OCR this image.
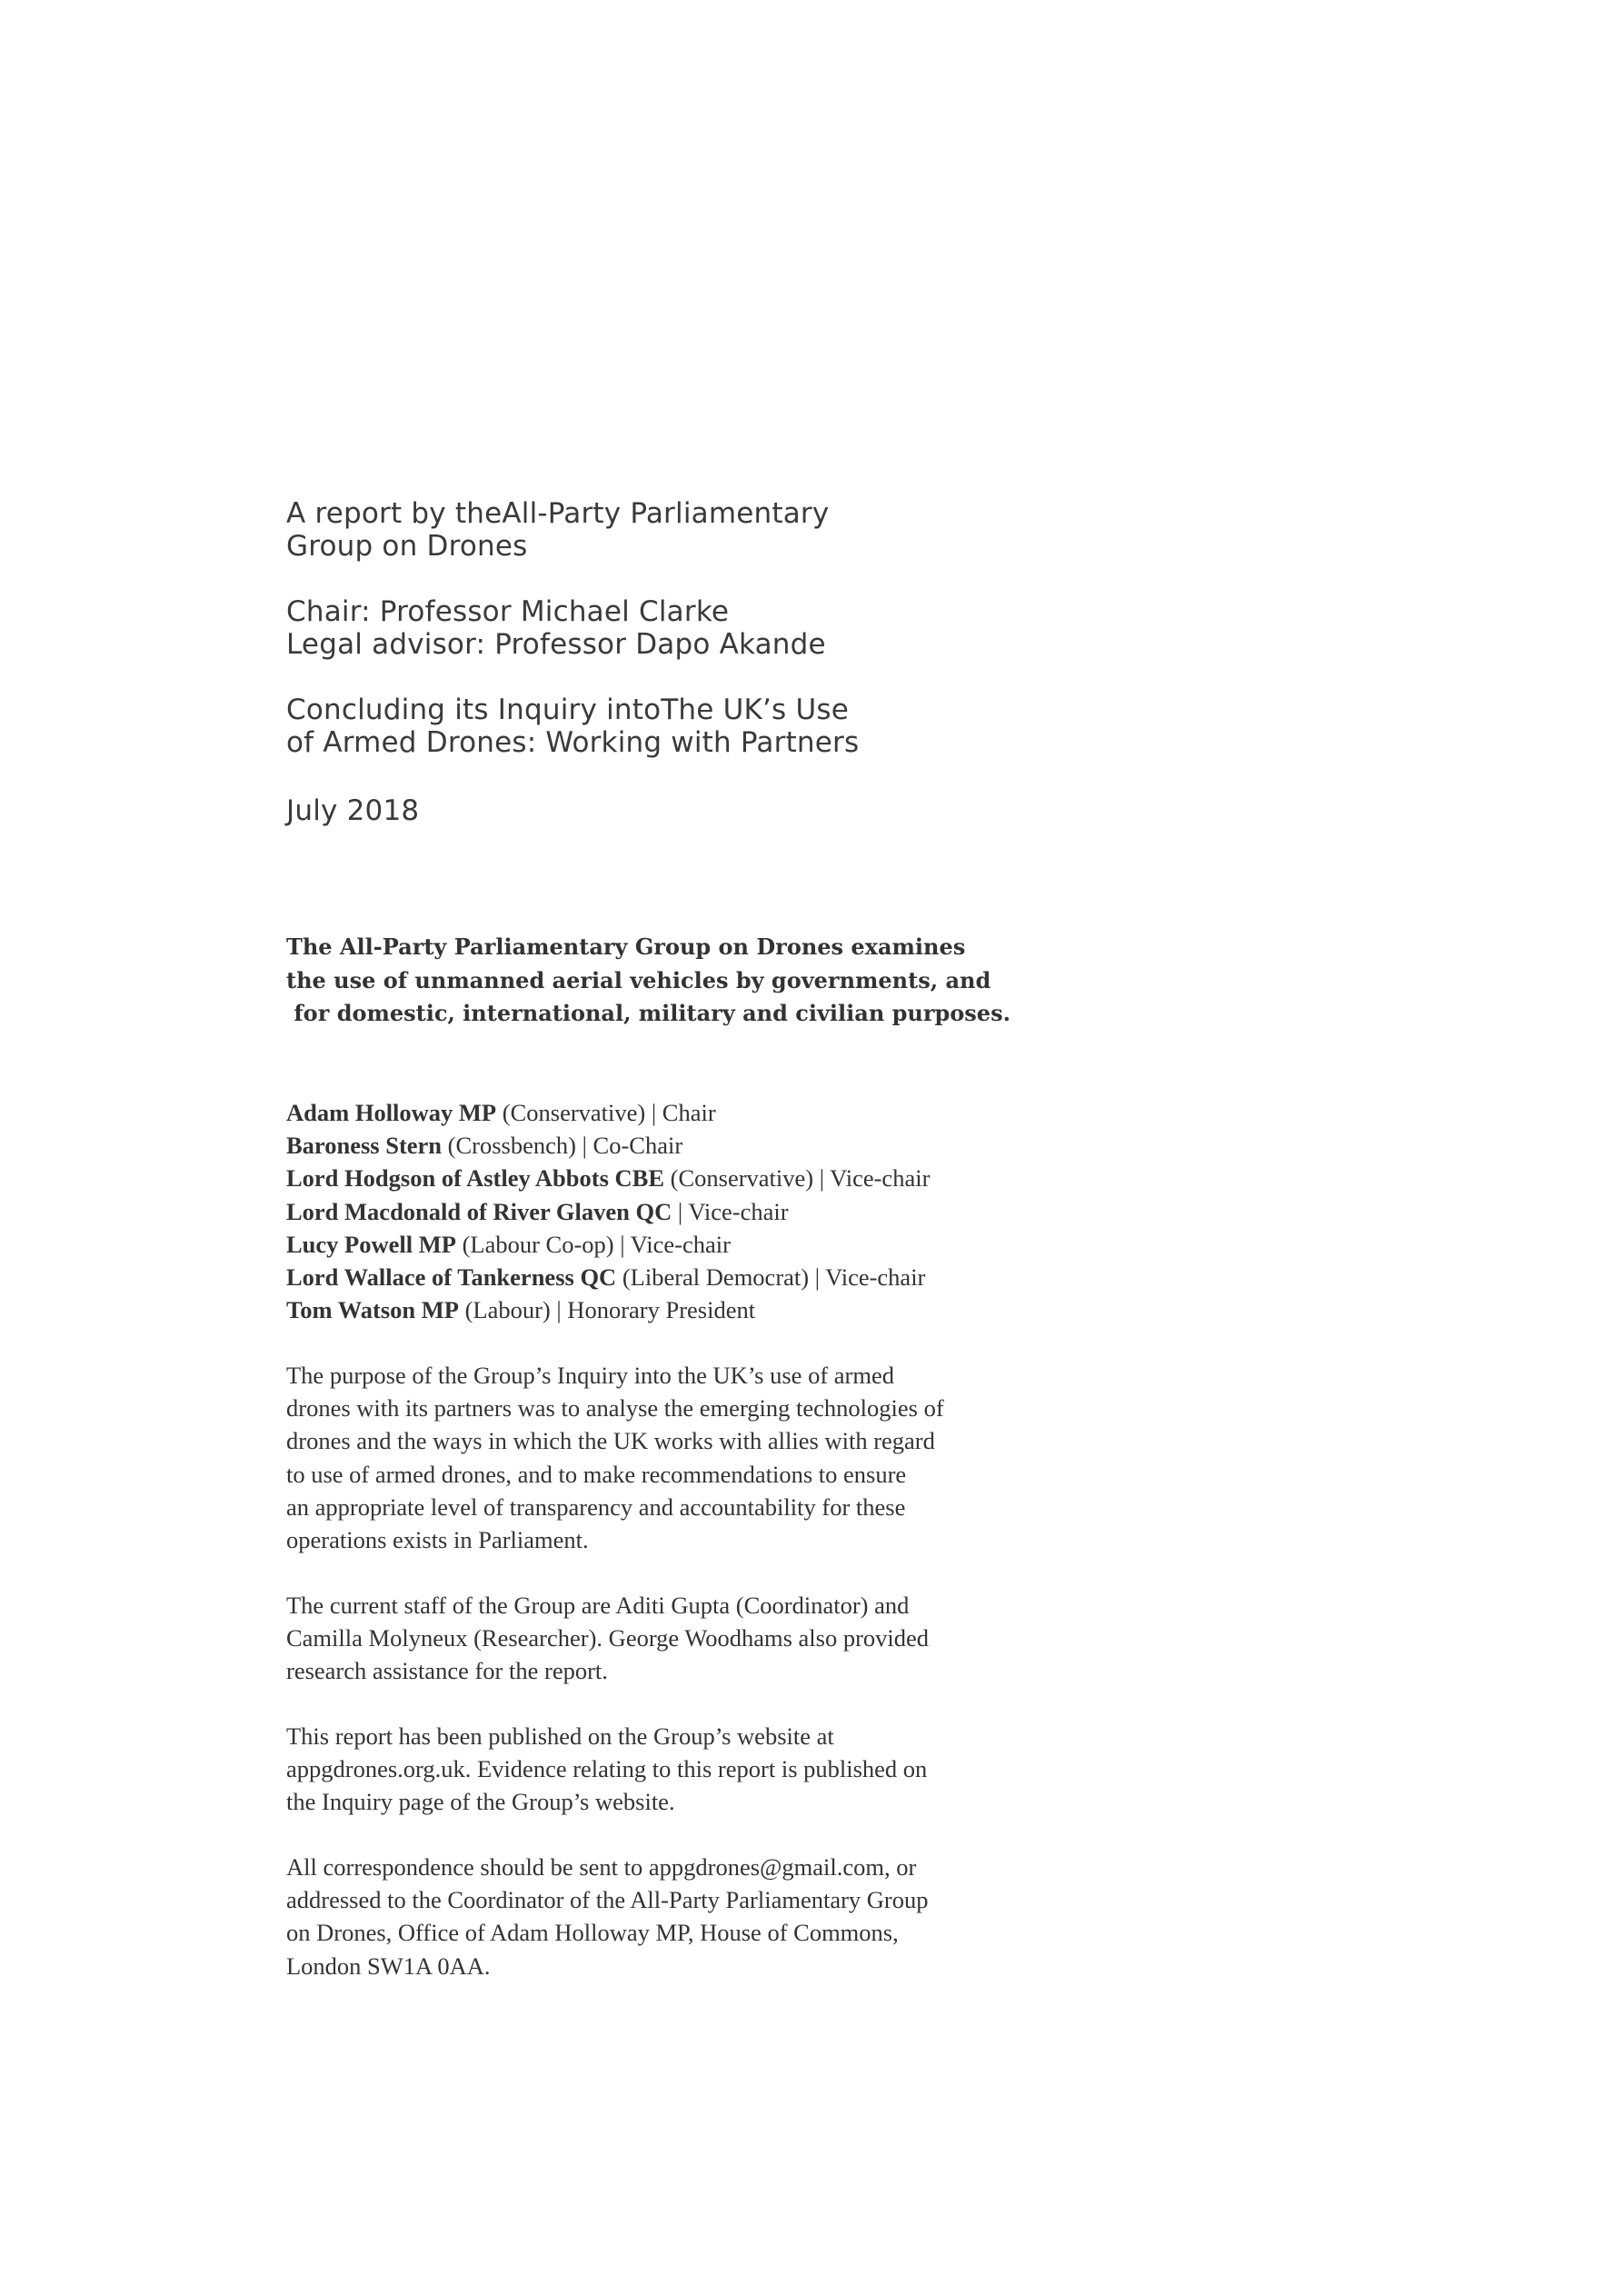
A report by theAll-Party Parliamentary

Group on Drones

Chair: Professor Michael Clarke

Legal advisor: Professor Dapo Akande

Concluding its Inquiry intoThe UK’s Use

of Armed Drones: Working with Partners

July 2018

The All-Party Parliamentary Group on Drones examines

the use of unmanned aerial vehicles by governments, and

for domestic, international, military and civilian purposes.

Adam Holloway MP (Conservative) | Chair

Baroness Stern (Crossbench) | Co-Chair

Lord Hodgson of Astley Abbots CBE (Conservative) | Vice-chair

Lord Macdonald of River Glaven QC | Vice-chair

Lucy Powell MP (Labour Co-op) | Vice-chair

Lord Wallace of Tankerness QC (Liberal Democrat) | Vice-chair

Tom Watson MP (Labour) | Honorary President

The purpose of the Group’s Inquiry into the UK’s use of armed

drones with its partners was to analyse the emerging technologies of

drones and the ways in which the UK works with allies with regard

to use of armed drones, and to make recommendations to ensure

an appropriate level of transparency and accountability for these

operations exists in Parliament.

The current staff of the Group are Aditi Gupta (Coordinator) and

Camilla Molyneux (Researcher). George Woodhams also provided

research assistance for the report.

This report has been published on the Group’s website at

appgdrones.org.uk. Evidence relating to this report is published on

the Inquiry page of the Group’s website.

All correspondence should be sent to appgdrones@gmail.com, or

addressed to the Coordinator of the All-Party Parliamentary Group

on Drones, Office of Adam Holloway MP, House of Commons,

London SW1A 0AA.
